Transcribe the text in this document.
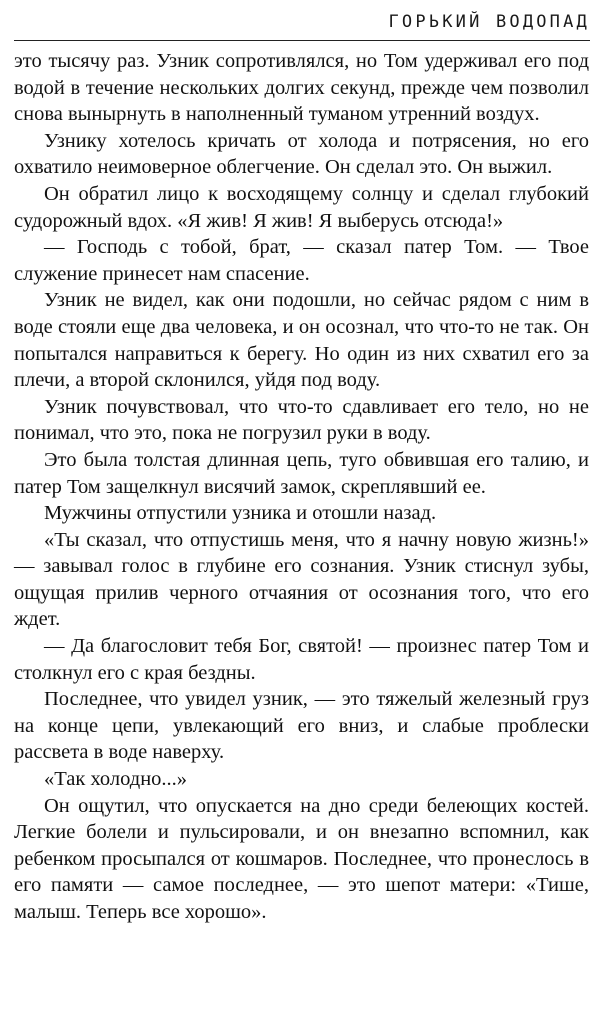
ГОРЬКИЙ ВОДОПАД

это тысячу раз. Узник сопротивлялся, но Том удерживал его под водой в течение нескольких долгих секунд, прежде чем позволил снова вынырнуть в наполненный туманом утренний воздух.

Узнику хотелось кричать от холода и потрясения, но его охватило неимоверное облегчение. Он сделал это. Он выжил.

Он обратил лицо к восходящему солнцу и сделал глубокий судорожный вдох. «Я жив! Я жив! Я выберусь отсюда!»

— Господь с тобой, брат, — сказал патер Том. — Твое служение принесет нам спасение.

Узник не видел, как они подошли, но сейчас рядом с ним в воде стояли еще два человека, и он осознал, что что-то не так. Он попытался направиться к берегу. Но один из них схватил его за плечи, а второй склонился, уйдя под воду.

Узник почувствовал, что что-то сдавливает его тело, но не понимал, что это, пока не погрузил руки в воду.

Это была толстая длинная цепь, туго обвившая его талию, и патер Том защелкнул висячий замок, скреплявший ее.

Мужчины отпустили узника и отошли назад.

«Ты сказал, что отпустишь меня, что я начну новую жизнь!» — завывал голос в глубине его сознания. Узник стиснул зубы, ощущая прилив черного отчаяния от осознания того, что его ждет.

— Да благословит тебя Бог, святой! — произнес патер Том и столкнул его с края бездны.

Последнее, что увидел узник, — это тяжелый железный груз на конце цепи, увлекающий его вниз, и слабые проблески рассвета в воде наверху.

«Так холодно...»

Он ощутил, что опускается на дно среди белеющих костей. Легкие болели и пульсировали, и он внезапно вспомнил, как ребенком просыпался от кошмаров. Последнее, что пронеслось в его памяти — самое последнее, — это шепот матери: «Тише, малыш. Теперь все хорошо».
